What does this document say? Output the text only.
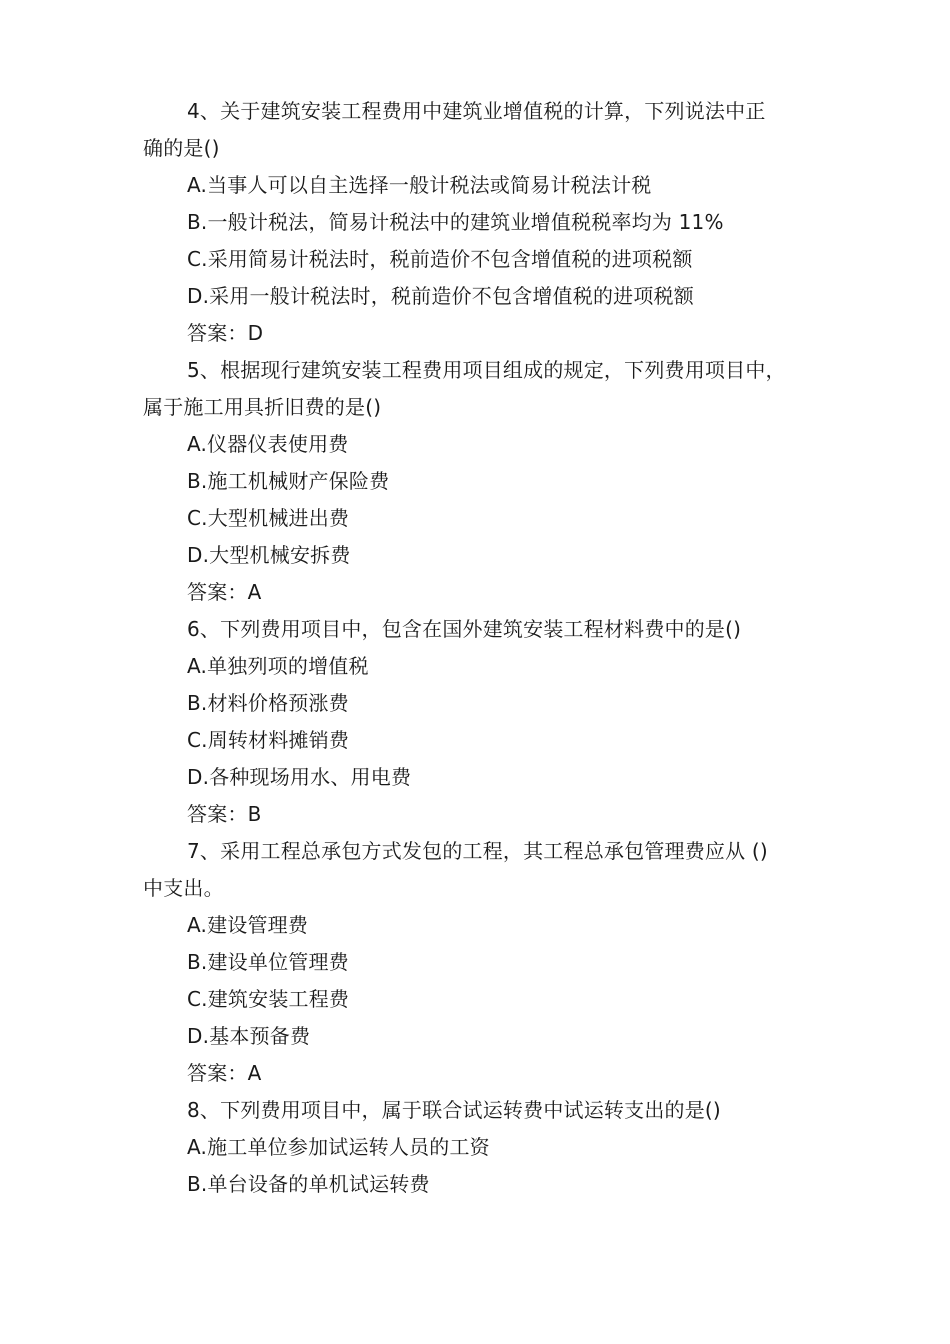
4、关于建筑安装工程费用中建筑业增值税的计算，下列说法中正
确的是()
A.当事人可以自主选择一般计税法或简易计税法计税
B.一般计税法，简易计税法中的建筑业增值税税率均为 11%
C.采用简易计税法时，税前造价不包含增值税的进项税额
D.采用一般计税法时，税前造价不包含增值税的进项税额
答案：D
5、根据现行建筑安装工程费用项目组成的规定，下列费用项目中，
属于施工用具折旧费的是()
A.仪器仪表使用费
B.施工机械财产保险费
C.大型机械进出费
D.大型机械安拆费
答案：A
6、下列费用项目中，包含在国外建筑安装工程材料费中的是()
A.单独列项的增值税
B.材料价格预涨费
C.周转材料摊销费
D.各种现场用水、用电费
答案：B
7、采用工程总承包方式发包的工程，其工程总承包管理费应从 ()
中支出。
A.建设管理费
B.建设单位管理费
C.建筑安装工程费
D.基本预备费
答案：A
8、下列费用项目中，属于联合试运转费中试运转支出的是()
A.施工单位参加试运转人员的工资
B.单台设备的单机试运转费
